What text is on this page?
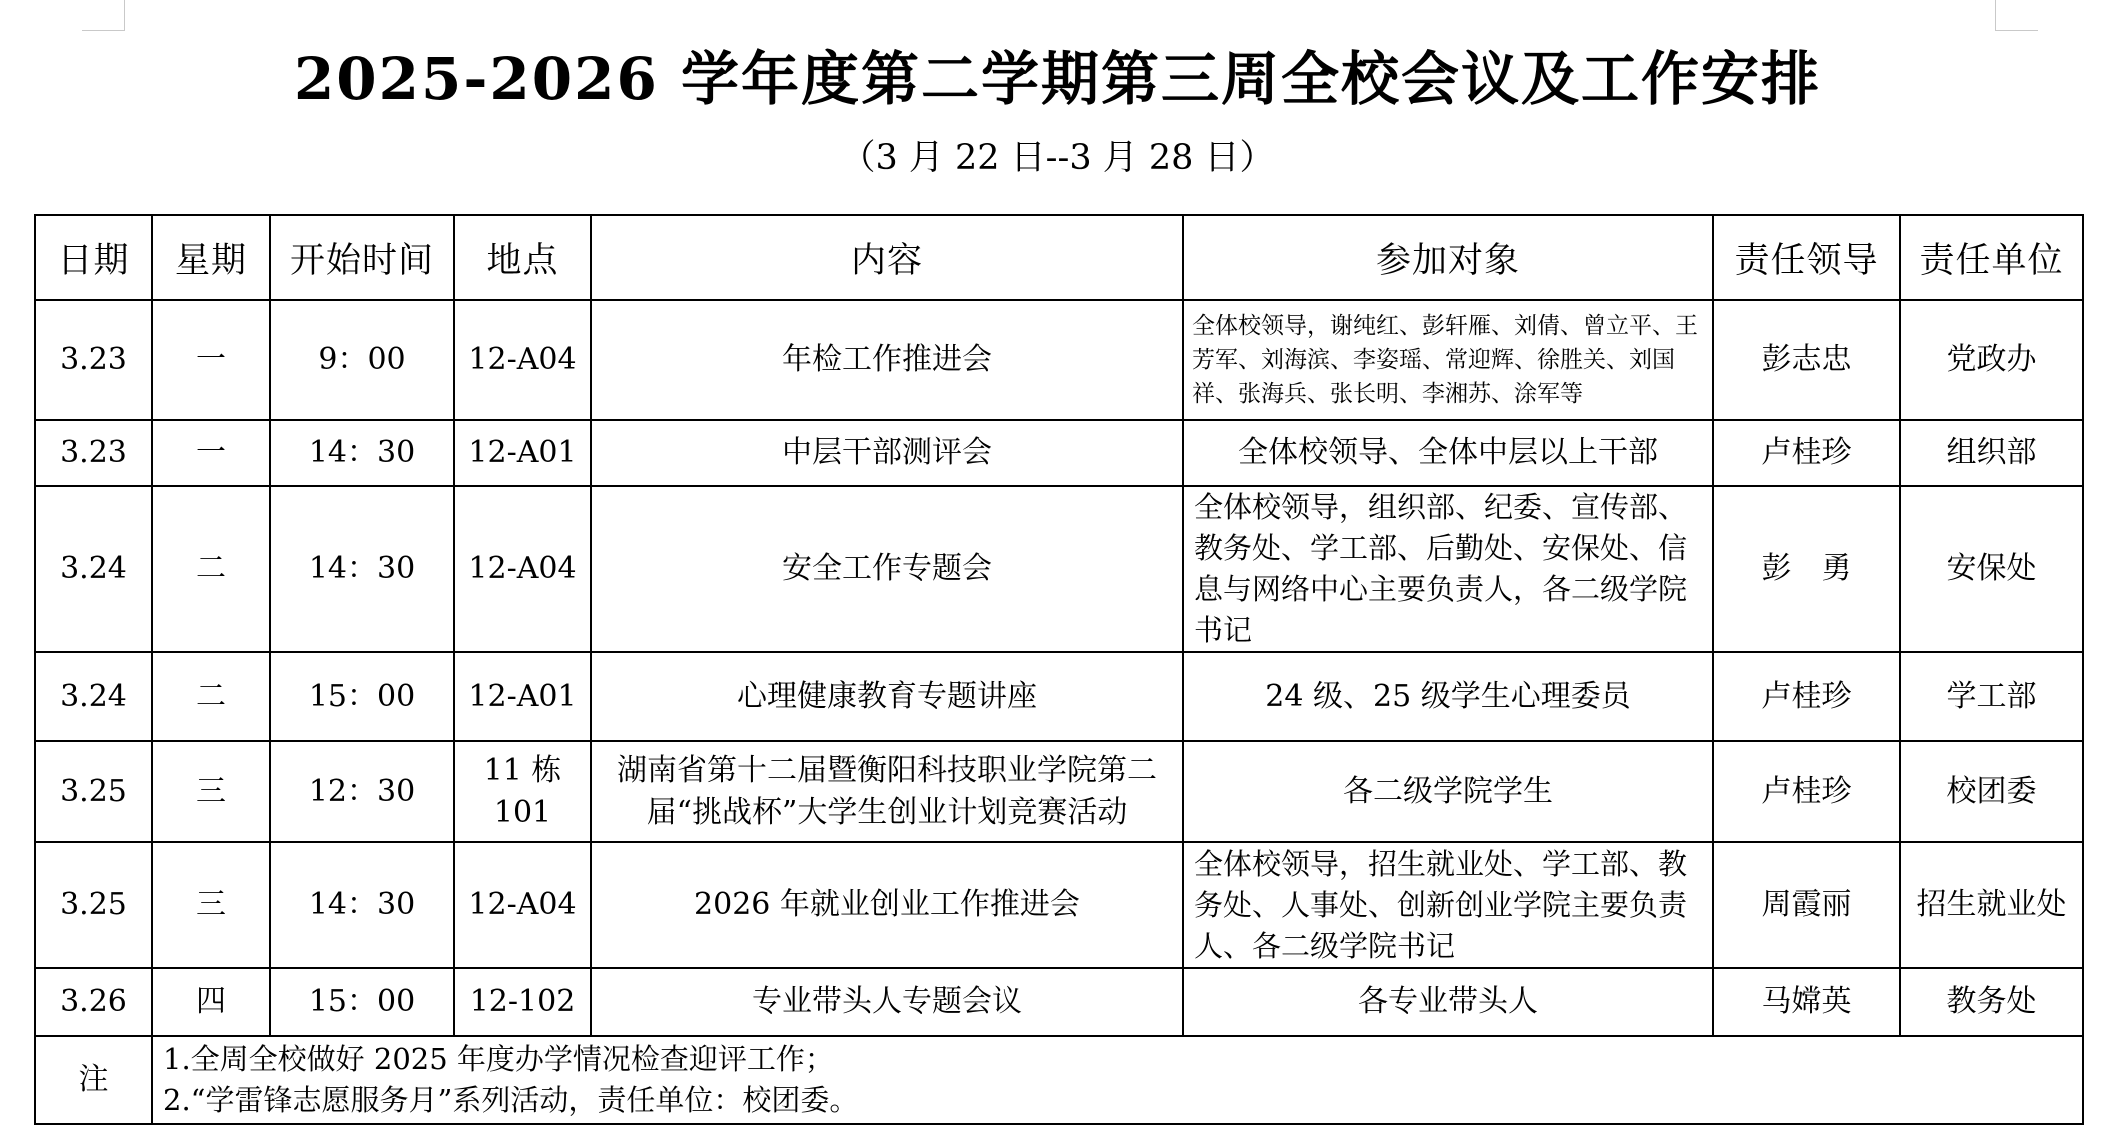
2025-2026 学年度第二学期第三周全校会议及工作安排
（3 月 22 日--3 月 28 日）
日期	星期	开始时间	地点	内容	参加对象	责任领导	责任单位
3.23	一	9：00	12-A04	年检工作推进会	全体校领导，谢纯红、彭轩雁、刘倩、曾立平、王芳军、刘海滨、李姿瑶、常迎辉、徐胜关、刘国祥、张海兵、张长明、李湘苏、涂军等	彭志忠	党政办
3.23	一	14：30	12-A01	中层干部测评会	全体校领导、全体中层以上干部	卢桂珍	组织部
3.24	二	14：30	12-A04	安全工作专题会	全体校领导，组织部、纪委、宣传部、教务处、学工部、后勤处、安保处、信息与网络中心主要负责人，各二级学院书记	彭　勇	安保处
3.24	二	15：00	12-A01	心理健康教育专题讲座	24 级、25 级学生心理委员	卢桂珍	学工部
3.25	三	12：30	11 栋101	湖南省第十二届暨衡阳科技职业学院第二届“挑战杯”大学生创业计划竞赛活动	各二级学院学生	卢桂珍	校团委
3.25	三	14：30	12-A04	2026 年就业创业工作推进会	全体校领导，招生就业处、学工部、教务处、人事处、创新创业学院主要负责人、各二级学院书记	周霞丽	招生就业处
3.26	四	15：00	12-102	专业带头人专题会议	各专业带头人	马嫦英	教务处
注	1.全周全校做好 2025 年度办学情况检查迎评工作；
2.“学雷锋志愿服务月”系列活动，责任单位：校团委。						
